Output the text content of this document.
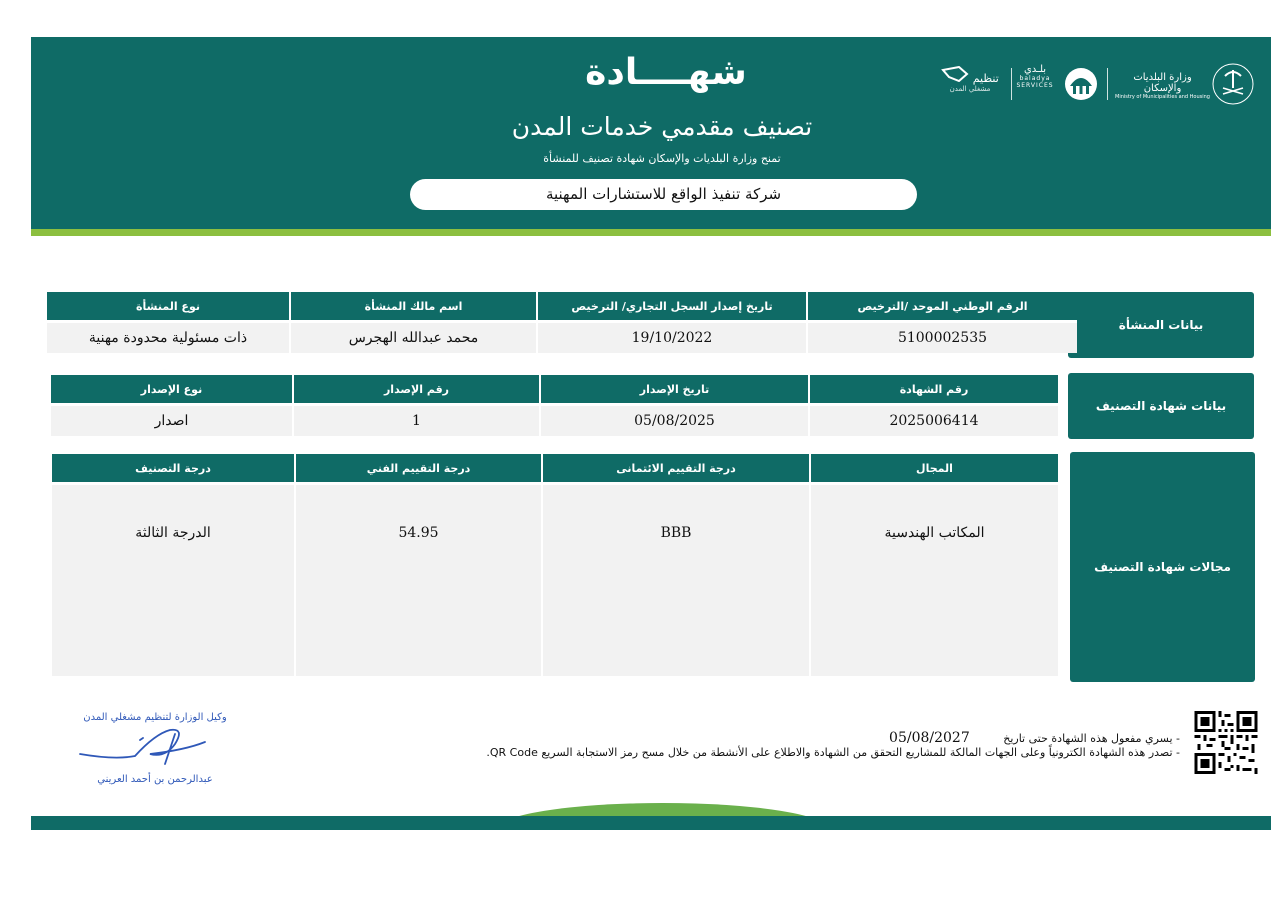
شهــــادة
تصنيف مقدمي خدمات المدن
تمنح وزارة البلديات والإسكان شهادة تصنيف للمنشأة
شركة تنفيذ الواقع للاستشارات المهنية
تنظيم
مشغلي المدن
بلـدي
baladya SERVICES
وزارة البلديات والإسكان
Ministry of Municipalities and Housing
بيانات المنشأة
الرقم الوطني الموحد /الترخيص	تاريخ إصدار السجل التجاري/ الترخيص	اسم مالك المنشأة	نوع المنشأة
5100002535	19/10/2022	محمد عبدالله الهجرس	ذات مسئولية محدودة مهنية
بيانات شهادة التصنيف
رقم الشهادة	تاريخ الإصدار	رقم الإصدار	نوع الإصدار
2025006414	05/08/2025	1	اصدار
مجالات شهادة التصنيف
المجال	درجة التقييم الائتمانى	درجة التقييم الفني	درجة التصنيف
المكاتب الهندسية	BBB	54.95	الدرجة الثالثة
- يسري مفعول هذه الشهادة حتى تاريخ 05/08/2027
- تصدر هذه الشهادة الكترونياً وعلى الجهات المالكة للمشاريع التحقق من الشهادة والاطلاع على الأنشطة من خلال مسح رمز الاستجابة السريع QR Code.
وكيل الوزارة لتنظيم مشغلي المدن
عبدالرحمن بن أحمد العريني
